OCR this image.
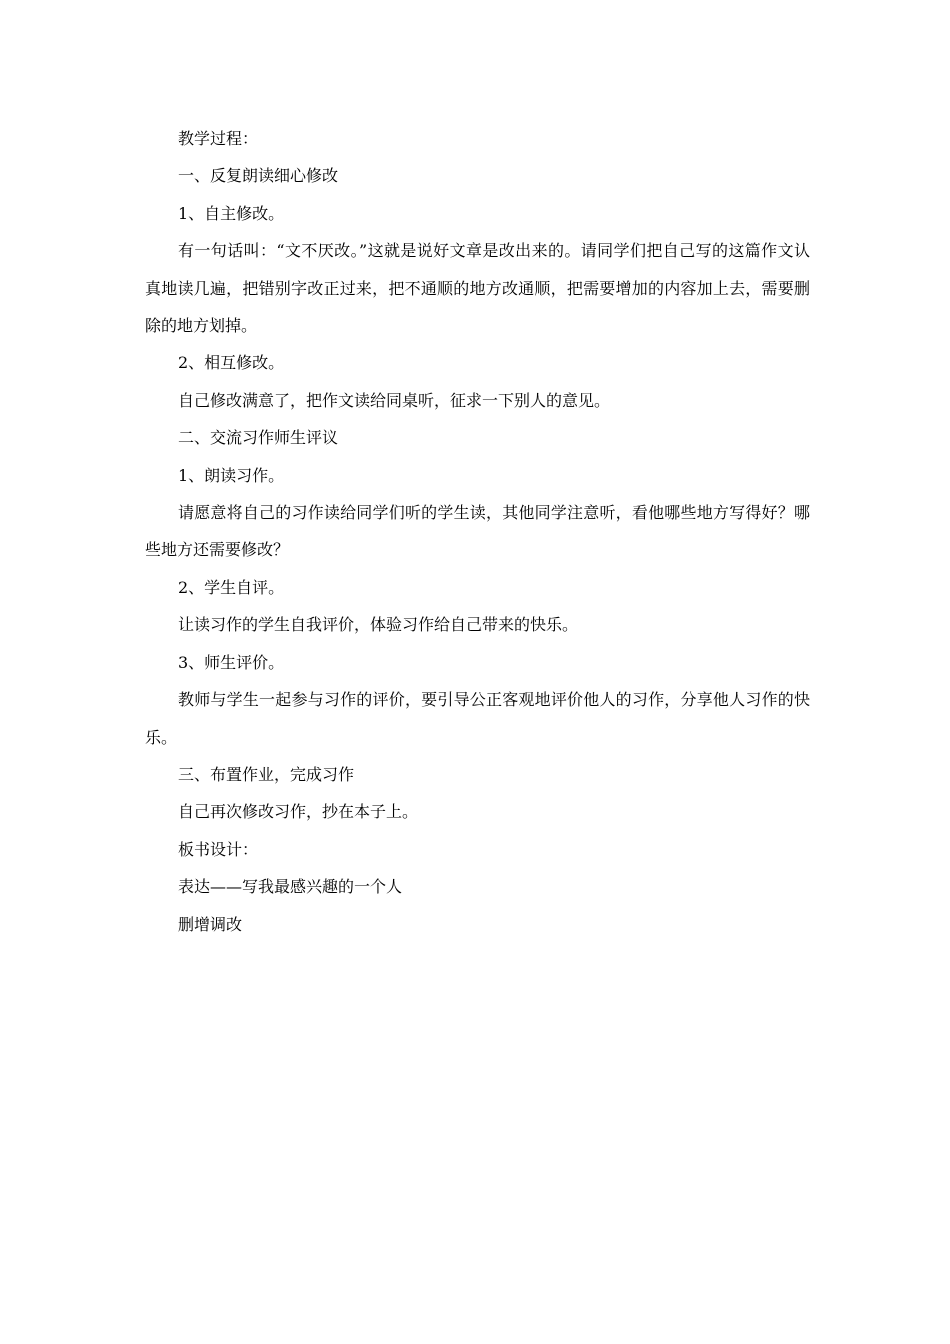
教学过程：

一、反复朗读细心修改

1、自主修改。

有一句话叫：“文不厌改。”这就是说好文章是改出来的。请同学们把自己写的这篇作文认真地读几遍，把错别字改正过来，把不通顺的地方改通顺，把需要增加的内容加上去，需要删除的地方划掉。

2、相互修改。

自己修改满意了，把作文读给同桌听，征求一下别人的意见。

二、交流习作师生评议

1、朗读习作。

请愿意将自己的习作读给同学们听的学生读，其他同学注意听，看他哪些地方写得好？哪些地方还需要修改？

2、学生自评。

让读习作的学生自我评价，体验习作给自己带来的快乐。

3、师生评价。

教师与学生一起参与习作的评价，要引导公正客观地评价他人的习作，分享他人习作的快乐。

三、布置作业，完成习作

自己再次修改习作，抄在本子上。

板书设计：

表达——写我最感兴趣的一个人

删增调改
